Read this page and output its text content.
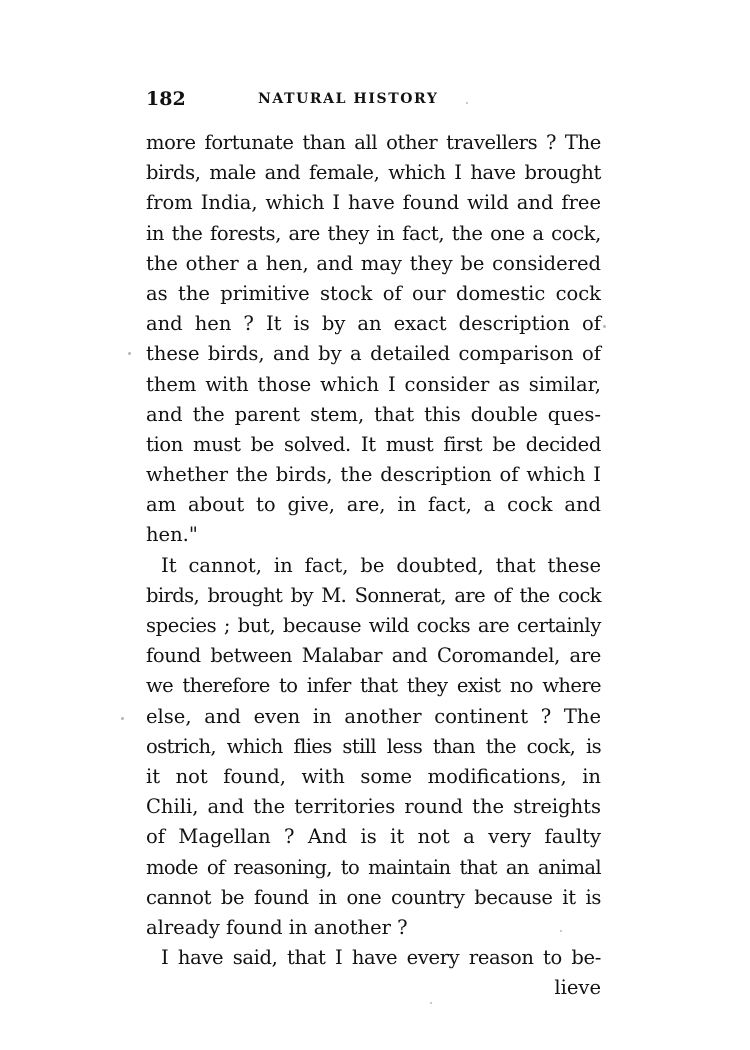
182	NATURAL HISTORY
more fortunate than all other travellers ? The
birds, male and female, which I have brought
from India, which I have found wild and free
in the forests, are they in fact, the one a cock,
the other a hen, and may they be considered
as the primitive stock of our domestic cock
and hen ? It is by an exact description of
these birds, and by a detailed comparison of
them with those which I consider as similar,
and the parent stem, that this double ques-
tion must be solved. It must first be decided
whether the birds, the description of which I
am about to give, are, in fact, a cock and
hen."
It cannot, in fact, be doubted, that these
birds, brought by M. Sonnerat, are of the cock
species ; but, because wild cocks are certainly
found between Malabar and Coromandel, are
we therefore to infer that they exist no where
else, and even in another continent ? The
ostrich, which flies still less than the cock, is
it not found, with some modifications, in
Chili, and the territories round the streights
of Magellan ? And is it not a very faulty
mode of reasoning, to maintain that an animal
cannot be found in one country because it is
already found in another ?
I have said, that I have every reason to be-
lieve
